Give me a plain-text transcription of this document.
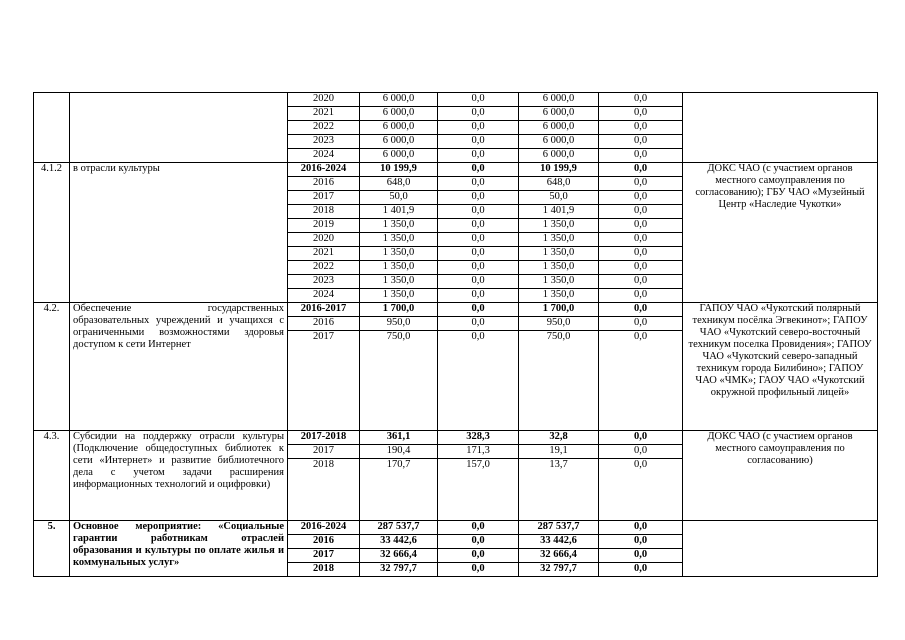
		2020	6 000,0	0,0	6 000,0	0,0	
		2021	6 000,0	0,0	6 000,0	0,0	
		2022	6 000,0	0,0	6 000,0	0,0	
		2023	6 000,0	0,0	6 000,0	0,0	
		2024	6 000,0	0,0	6 000,0	0,0	
4.1.2	в отрасли культуры	2016-2024	10 199,9	0,0	10 199,9	0,0	ДОКС ЧАО (с участием органов местного самоуправления по согласованию); ГБУ ЧАО «Музейный Центр «Наследие Чукотки»
		2016	648,0	0,0	648,0	0,0	
		2017	50,0	0,0	50,0	0,0	
		2018	1 401,9	0,0	1 401,9	0,0	
		2019	1 350,0	0,0	1 350,0	0,0	
		2020	1 350,0	0,0	1 350,0	0,0	
		2021	1 350,0	0,0	1 350,0	0,0	
		2022	1 350,0	0,0	1 350,0	0,0	
		2023	1 350,0	0,0	1 350,0	0,0	
		2024	1 350,0	0,0	1 350,0	0,0	
4.2.	Обеспечение государственных образовательных учреждений и учащихся с ограниченными возможностями здоровья доступом к сети Интернет	2016-2017	1 700,0	0,0	1 700,0	0,0	ГАПОУ ЧАО «Чукотский полярный техникум посёлка Эгвекинот»; ГАПОУ ЧАО «Чукотский северо-восточный техникум поселка Провидения»; ГАПОУ ЧАО «Чукотский северо-западный техникум города Билибино»; ГАПОУ ЧАО «ЧМК»; ГАОУ ЧАО «Чукотский окружной профильный лицей»
		2016	950,0	0,0	950,0	0,0	
		2017	750,0	0,0	750,0	0,0	
4.3.	Субсидии на поддержку отрасли культуры (Подключение общедоступных библиотек к сети «Интернет» и развитие библиотечного дела с учетом задачи расширения информационных технологий и оцифровки)	2017-2018	361,1	328,3	32,8	0,0	ДОКС ЧАО (с участием органов местного самоуправления по согласованию)
		2017	190,4	171,3	19,1	0,0	
		2018	170,7	157,0	13,7	0,0	
5.	Основное мероприятие: «Социальные гарантии работникам отраслей образования и культуры по оплате жилья и коммунальных услуг»	2016-2024	287 537,7	0,0	287 537,7	0,0	
		2016	33 442,6	0,0	33 442,6	0,0	
		2017	32 666,4	0,0	32 666,4	0,0	
		2018	32 797,7	0,0	32 797,7	0,0	
